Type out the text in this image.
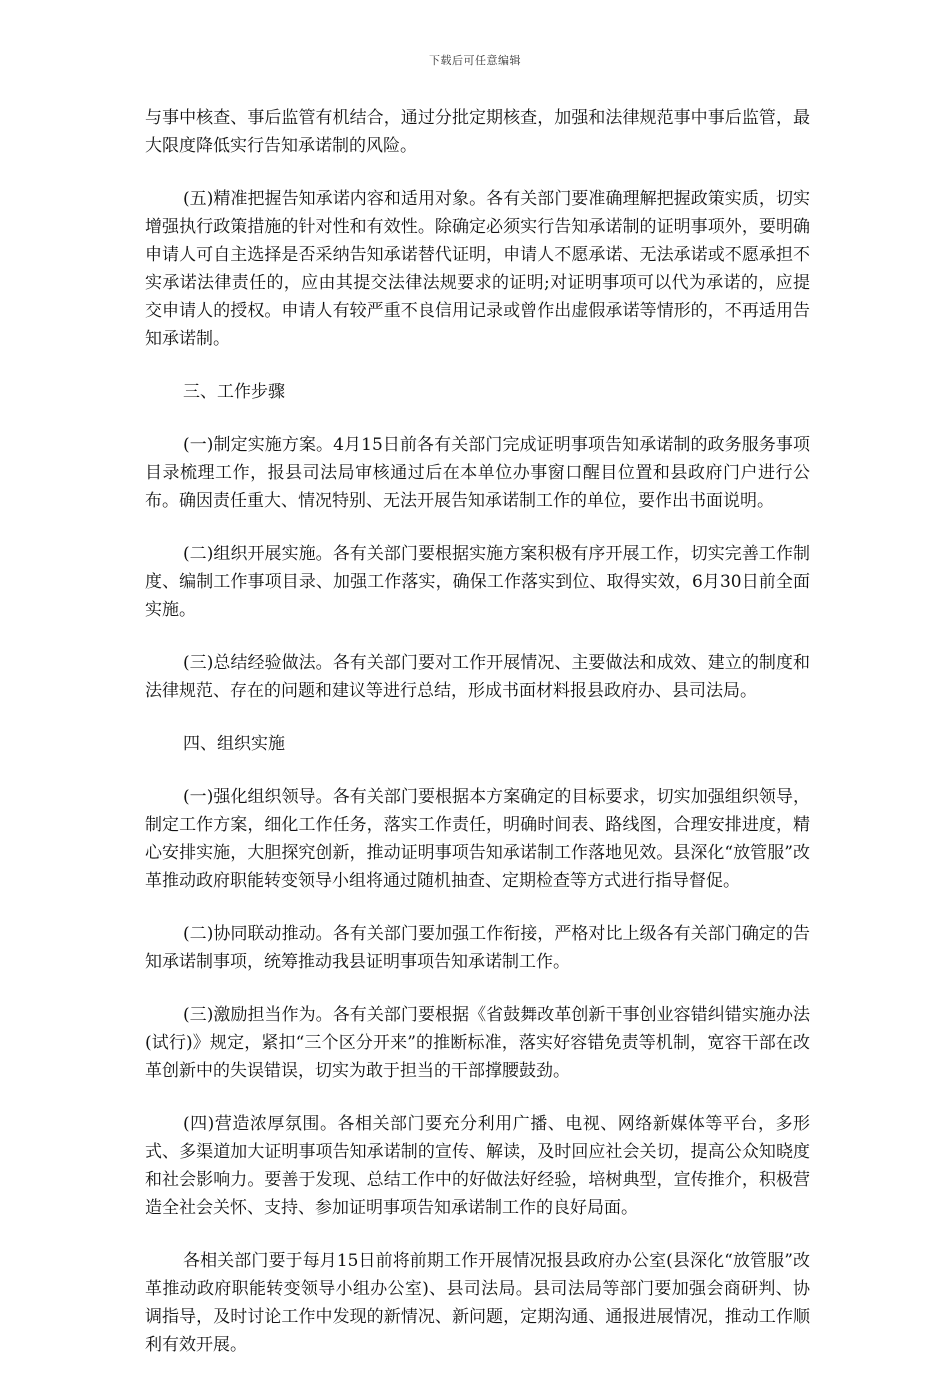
下载后可任意编辑

与事中核查、事后监管有机结合，通过分批定期核查，加强和法律规范事中事后监管，最大限度降低实行告知承诺制的风险。

(五)精准把握告知承诺内容和适用对象。各有关部门要准确理解把握政策实质，切实增强执行政策措施的针对性和有效性。除确定必须实行告知承诺制的证明事项外，要明确申请人可自主选择是否采纳告知承诺替代证明，申请人不愿承诺、无法承诺或不愿承担不实承诺法律责任的，应由其提交法律法规要求的证明;对证明事项可以代为承诺的，应提交申请人的授权。申请人有较严重不良信用记录或曾作出虚假承诺等情形的，不再适用告知承诺制。

三、工作步骤

(一)制定实施方案。4月15日前各有关部门完成证明事项告知承诺制的政务服务事项目录梳理工作，报县司法局审核通过后在本单位办事窗口醒目位置和县政府门户进行公布。确因责任重大、情况特别、无法开展告知承诺制工作的单位，要作出书面说明。

(二)组织开展实施。各有关部门要根据实施方案积极有序开展工作，切实完善工作制度、编制工作事项目录、加强工作落实，确保工作落实到位、取得实效，6月30日前全面实施。

(三)总结经验做法。各有关部门要对工作开展情况、主要做法和成效、建立的制度和法律规范、存在的问题和建议等进行总结，形成书面材料报县政府办、县司法局。

四、组织实施

(一)强化组织领导。各有关部门要根据本方案确定的目标要求，切实加强组织领导，制定工作方案，细化工作任务，落实工作责任，明确时间表、路线图，合理安排进度，精心安排实施，大胆探究创新，推动证明事项告知承诺制工作落地见效。县深化“放管服”改革推动政府职能转变领导小组将通过随机抽查、定期检查等方式进行指导督促。

(二)协同联动推动。各有关部门要加强工作衔接，严格对比上级各有关部门确定的告知承诺制事项，统筹推动我县证明事项告知承诺制工作。

(三)激励担当作为。各有关部门要根据《省鼓舞改革创新干事创业容错纠错实施办法(试行)》规定，紧扣“三个区分开来”的推断标准，落实好容错免责等机制，宽容干部在改革创新中的失误错误，切实为敢于担当的干部撑腰鼓劲。

(四)营造浓厚氛围。各相关部门要充分利用广播、电视、网络新媒体等平台，多形式、多渠道加大证明事项告知承诺制的宣传、解读，及时回应社会关切，提高公众知晓度和社会影响力。要善于发现、总结工作中的好做法好经验，培树典型，宣传推介，积极营造全社会关怀、支持、参加证明事项告知承诺制工作的良好局面。

各相关部门要于每月15日前将前期工作开展情况报县政府办公室(县深化“放管服”改革推动政府职能转变领导小组办公室)、县司法局。县司法局等部门要加强会商研判、协调指导，及时讨论工作中发现的新情况、新问题，定期沟通、通报进展情况，推动工作顺利有效开展。
